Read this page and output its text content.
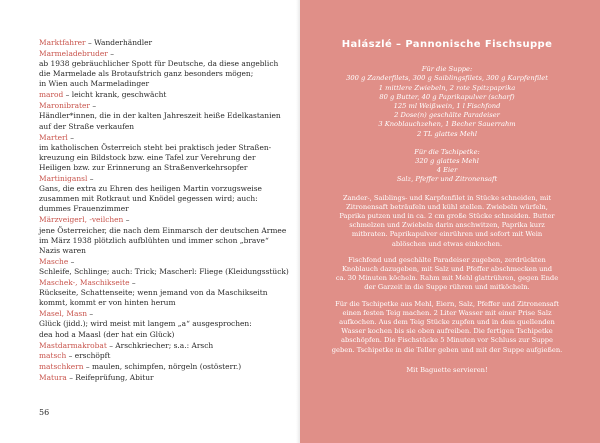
Marktfahrer – Wanderhändler
Marmeladebruder –
ab 1938 gebräuchlicher Spott für Deutsche, da diese angeblich
die Marmelade als Brotaufstrich ganz besonders mögen;
in Wien auch Marmeladinger
marod – leicht krank, geschwächt
Maronibrater –
Händler*innen, die in der kalten Jahreszeit heiße Edelkastanien
auf der Straße verkaufen
Marterl –
im katholischen Österreich steht bei praktisch jeder Straßen-
kreuzung ein Bildstock bzw. eine Tafel zur Verehrung der
Heiligen bzw. zur Erinnerung an Straßenverkehrsopfer
Martinigansl –
Gans, die extra zu Ehren des heiligen Martin vorzugsweise
zusammen mit Rotkraut und Knödel gegessen wird; auch:
dummes Frauenzimmer
Märzveigerl, -veilchen –
jene Österreicher, die nach dem Einmarsch der deutschen Armee
im März 1938 plötzlich aufblühten und immer schon „brave“
Nazis waren
Masche –
Schleife, Schlinge; auch: Trick; Mascherl: Fliege (Kleidungsstück)
Maschek-, Maschikseite –
Rückseite, Schattenseite; wenn jemand von da Maschikseitn
kommt, kommt er von hinten herum
Masel, Masn –
Glück (jidd.); wird meist mit langem „a“ ausgesprochen:
dea hod a Maasl (der hat ein Glück)
Mastdarmakrobat – Arschkriecher; s.a.: Arsch
matsch – erschöpft
matschkern – maulen, schimpfen, nörgeln (ostösterr.)
Matura – Reifeprüfung, Abitur
56
Halászlé – Pannonische Fischsuppe
Für die Suppe:
300 g Zanderfilets, 300 g Saiblingsfilets, 300 g Karpfenfilet
1 mittlere Zwiebeln, 2 rote Spitzpaprika
80 g Butter, 40 g Paprikapulver (scharf)
125 ml Weißwein, 1 l Fischfond
2 Dose(n) geschälte Paradeiser
3 Knoblauchzehen, 1 Becher Sauerrahm
2 TL glattes Mehl
Für die Tschipetke:
320 g glattes Mehl
4 Eier
Salz, Pfeffer und Zitronensaft
Zander-, Saiblings- und Karpfenfilet in Stücke schneiden, mit
Zitronensaft beträufeln und kühl stellen. Zwiebeln würfeln,
Paprika putzen und in ca. 2 cm große Stücke schneiden. Butter
schmelzen und Zwiebeln darin anschwitzen, Paprika kurz
mitbraten. Paprikapulver einrühren und sofort mit Wein
ablöschen und etwas einkochen.
Fischfond und geschälte Paradeiser zugeben, zerdrückten
Knoblauch dazugeben, mit Salz und Pfeffer abschmecken und
ca. 30 Minuten köcheln. Rahm mit Mehl glattrühren, gegen Ende
der Garzeit in die Suppe rühren und mitköcheln.
Für die Tschipetke aus Mehl, Eiern, Salz, Pfeffer und Zitronensaft
einen festen Teig machen. 2 Liter Wasser mit einer Prise Salz
aufkochen. Aus dem Teig Stücke zupfen und in dem quellenden
Wasser kochen bis sie oben aufreiben. Die fertigen Tschipetke
abschöpfen. Die Fischstücke 5 Minuten vor Schluss zur Suppe
geben. Tschipetke in die Teller geben und mit der Suppe aufgießen.
Mit Baguette servieren!
